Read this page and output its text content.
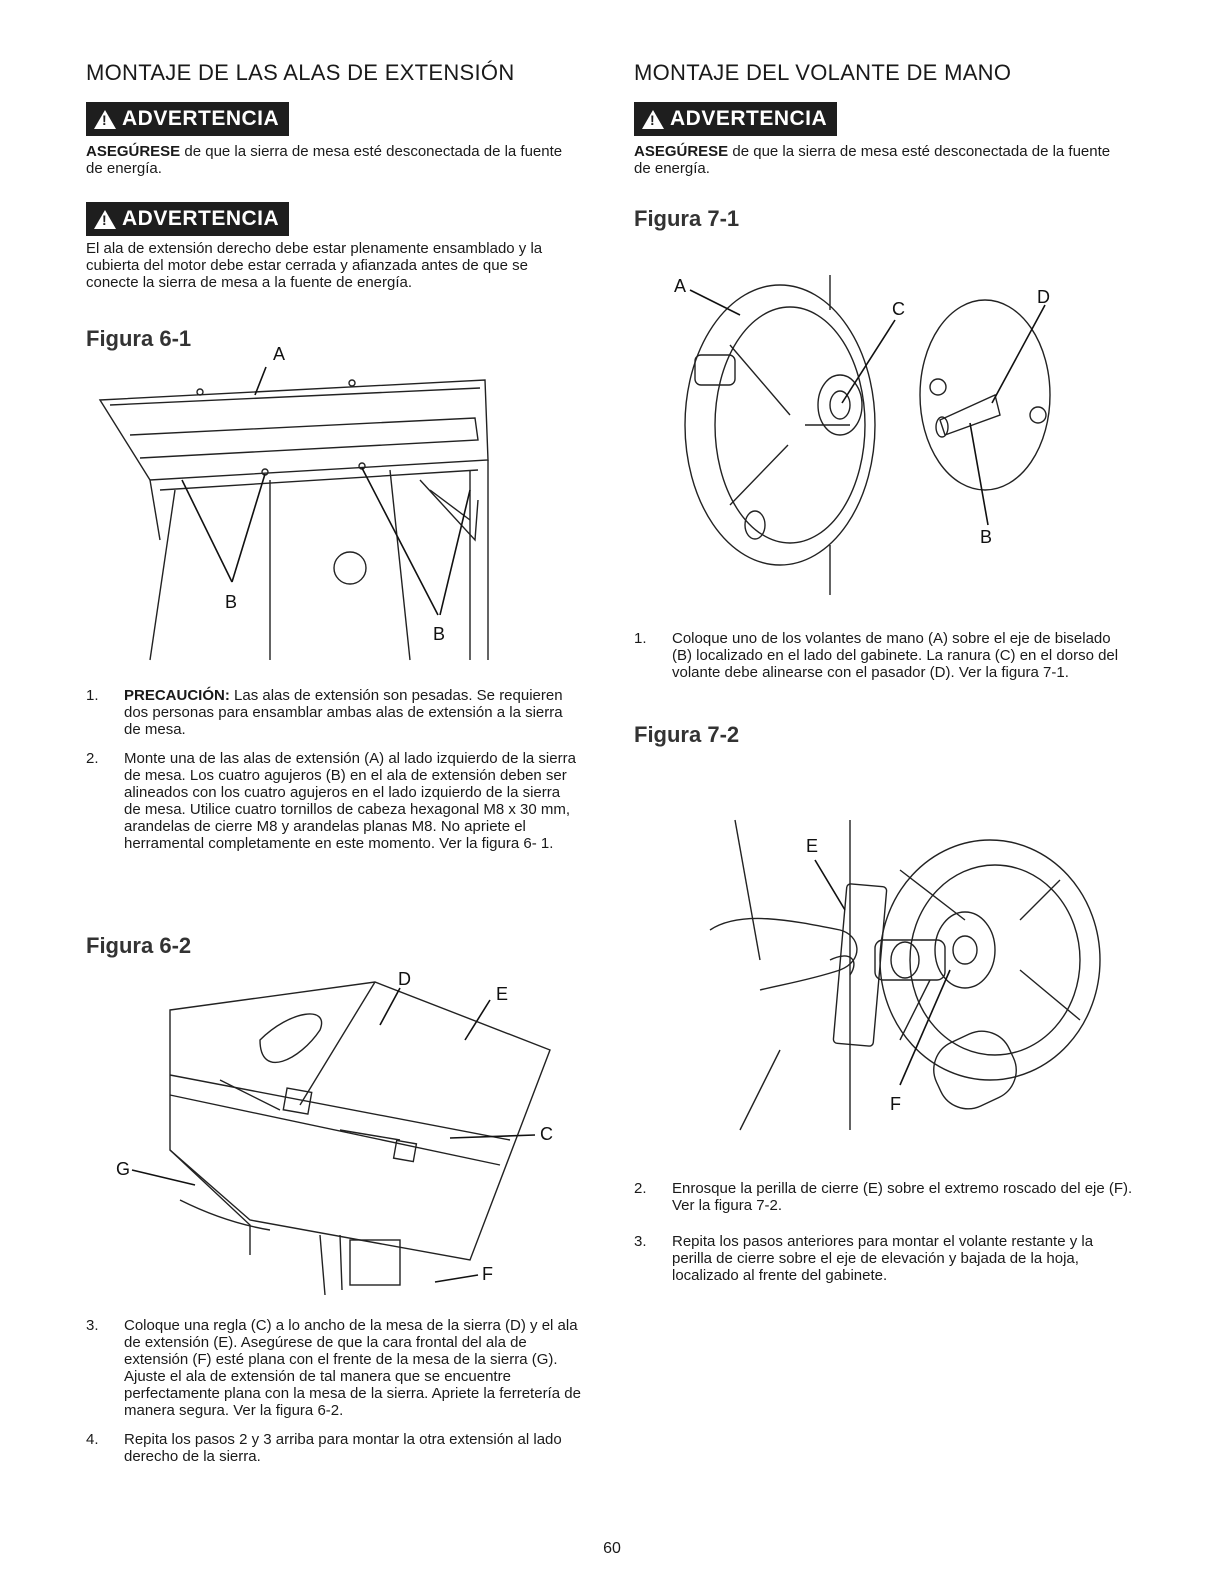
MONTAJE DE LAS ALAS DE EXTENSIÓN
!
ADVERTENCIA

ASEGÚRESE de que la sierra de mesa esté desconectada de la fuente de energía.

!
ADVERTENCIA

El ala de extensión derecho debe estar plenamente ensamblado y la cubierta del motor debe estar cerrada y afianzada antes de que se conecte la sierra de mesa a la fuente de energía.

Figura 6-1
A
B
B
1. PRECAUCIÓN: Las alas de extensión son pesadas. Se requieren dos personas para ensamblar ambas alas de extensión a la sierra de mesa.
2. Monte una de las alas de extensión (A) al lado izquierdo de la sierra de mesa. Los cuatro agujeros (B) en el ala de extensión deben ser alineados con los cuatro agujeros en el lado izquierdo de la sierra de mesa. Utilice cuatro tornillos de cabeza hexagonal M8 x 30 mm, arandelas de cierre M8 y arandelas planas M8. No apriete el herramental completamente en este momento. Ver la figura 6- 1.
Figura 6-2
D
E
C
G
F
3. Coloque una regla (C) a lo ancho de la mesa de la sierra (D) y el ala de extensión (E). Asegúrese de que la cara frontal del ala de extensión (F) esté plana con el frente de la mesa de la sierra (G). Ajuste el ala de extensión de tal manera que se encuentre perfectamente plana con la mesa de la sierra. Apriete la ferretería de manera segura. Ver la figura 6-2.
4. Repita los pasos 2 y 3 arriba para montar la otra extensión al lado derecho de la sierra.
MONTAJE DEL VOLANTE DE MANO
!
ADVERTENCIA

ASEGÚRESE de que la sierra de mesa esté desconectada de la fuente de energía.

Figura 7-1
A
C
D
B
1. Coloque uno de los volantes de mano (A) sobre el eje de biselado (B) localizado en el lado del gabinete. La ranura (C) en el dorso del volante debe alinearse con el pasador (D). Ver la figura 7-1.
Figura 7-2
E
F
2. Enrosque la perilla de cierre (E) sobre el extremo roscado del eje (F). Ver la figura 7-2.
3. Repita los pasos anteriores para montar el volante restante y la perilla de cierre sobre el eje de elevación y bajada de la hoja, localizado al frente del gabinete.
60
